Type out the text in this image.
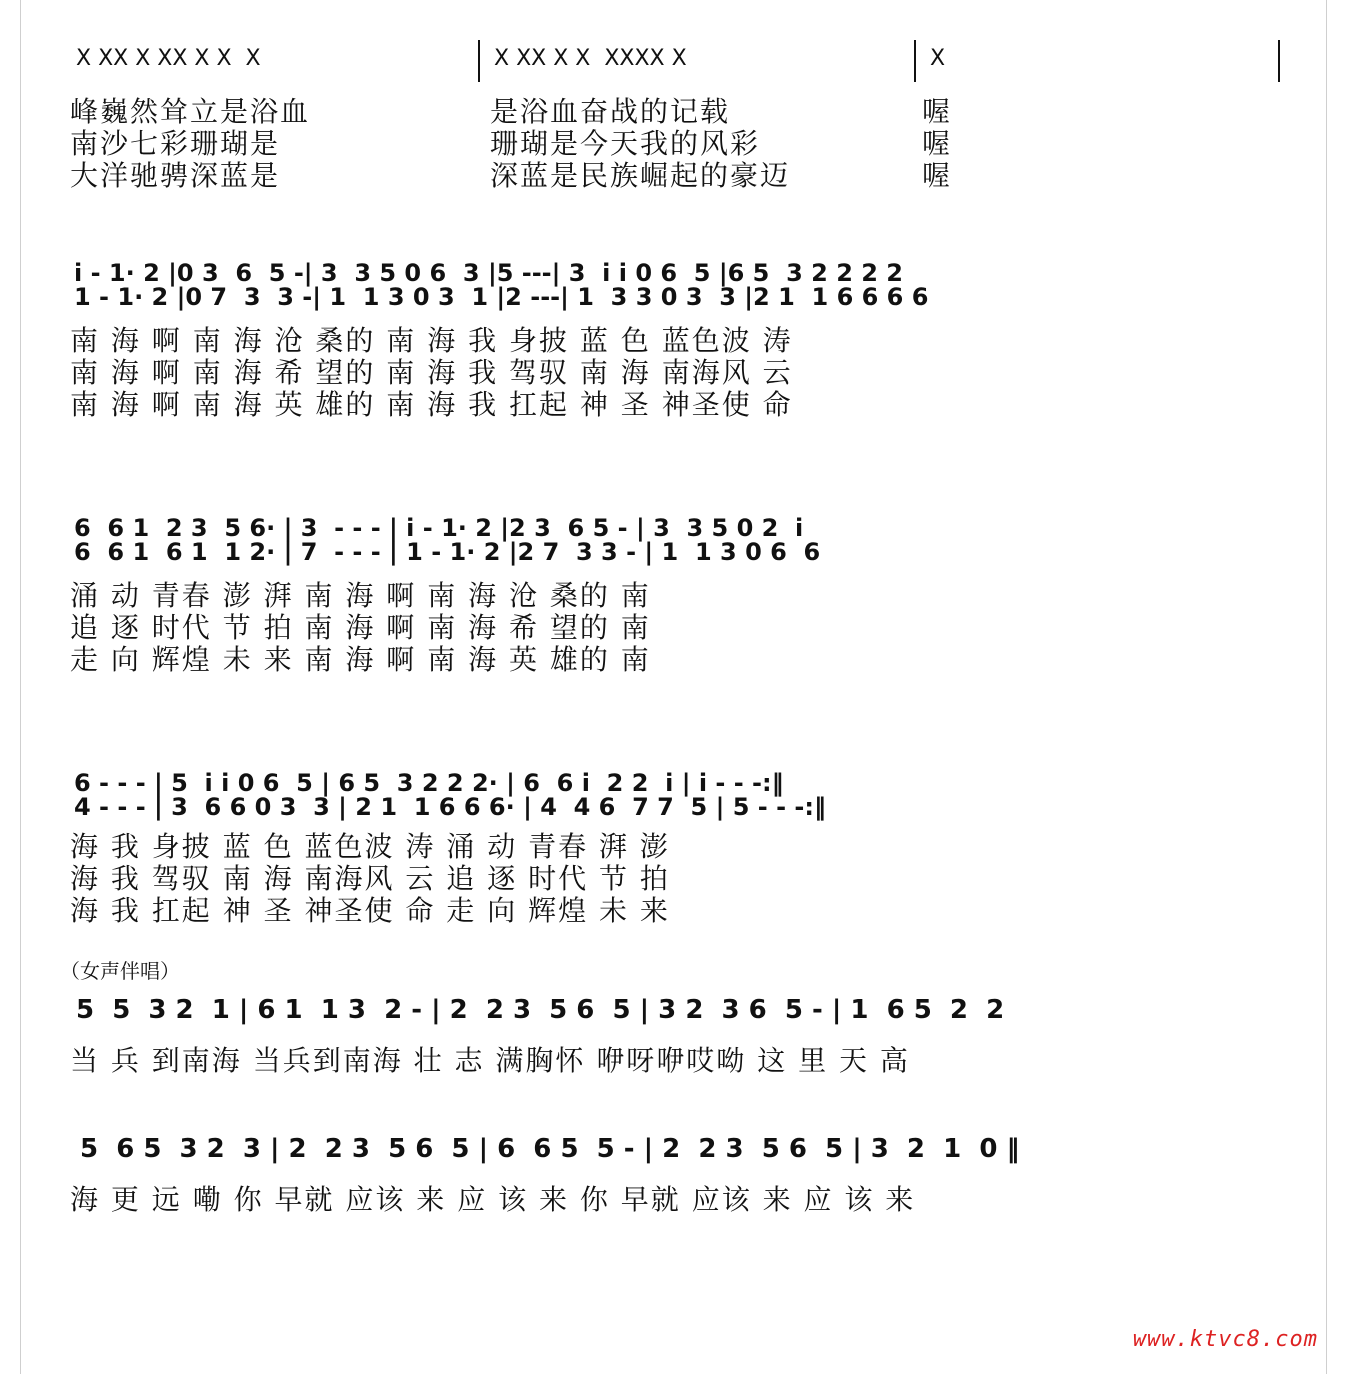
X XX X XX X X  X	X XX X X  XXXX X	X
峰巍然耸立是浴血	是浴血奋战的记载	喔
南沙七彩珊瑚是	珊瑚是今天我的风彩	喔
大洋驰骋深蓝是	深蓝是民族崛起的豪迈	喔
i - 1· 2 |0 3  6  5 -| 3  3 5 0 6  3 |5 ---| 3  i i 0 6  5 |6 5  3 2 2 2 2
1 - 1· 2 |0 7  3  3 -| 1  1 3 0 3  1 |2 ---| 1  3 3 0 3  3 |2 1  1 6 6 6 6
南 海 啊 南 海 沧 桑的 南 海 我 身披 蓝 色 蓝色波 涛
南 海 啊 南 海 希 望的 南 海 我 驾驭 南 海 南海风 云
南 海 啊 南 海 英 雄的 南 海 我 扛起 神 圣 神圣使 命
6  6 1  2 3  5 6· | 3  - - - | i - 1· 2 |2 3  6 5 - | 3  3 5 0 2  i
6  6 1  6 1  1 2· | 7  - - - | 1 - 1· 2 |2 7  3 3 - | 1  1 3 0 6  6
涌 动 青春 澎 湃 南 海 啊 南 海 沧 桑的 南
追 逐 时代 节 拍 南 海 啊 南 海 希 望的 南
走 向 辉煌 未 来 南 海 啊 南 海 英 雄的 南
6 - - - | 5  i i 0 6  5 | 6 5  3 2 2 2· | 6  6 i  2 2  i | i - - -:‖
4 - - - | 3  6 6 0 3  3 | 2 1  1 6 6 6· | 4  4 6  7 7  5 | 5 - - -:‖
海 我 身披 蓝 色 蓝色波 涛 涌 动 青春 湃 澎
海 我 驾驭 南 海 南海风 云 追 逐 时代 节 拍
海 我 扛起 神 圣 神圣使 命 走 向 辉煌 未 来
（女声伴唱）
5  5  3 2  1 | 6 1  1 3  2 - | 2  2 3  5 6  5 | 3 2  3 6  5 - | 1  6 5  2  2
当 兵 到南海 当兵到南海 壮 志 满胸怀 咿呀咿哎呦 这 里 天 高
5  6 5  3 2  3 | 2  2 3  5 6  5 | 6  6 5  5 - | 2  2 3  5 6  5 | 3  2  1  0 ‖
海 更 远 嘞 你 早就 应该 来 应 该 来 你 早就 应该 来 应 该 来
www.ktvc8.com
